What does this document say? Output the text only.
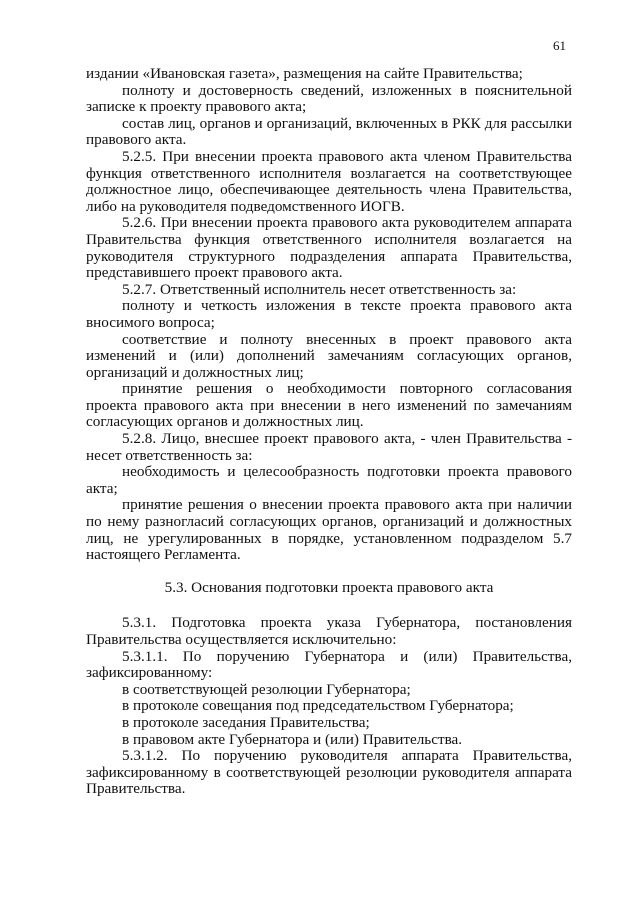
61

издании «Ивановская газета», размещения на сайте Правительства;

полноту и достоверность сведений, изложенных в пояснительной записке к проекту правового акта;

состав лиц, органов и организаций, включенных в РКК для рассылки правового акта.

5.2.5. При внесении проекта правового акта членом Правительства функция ответственного исполнителя возлагается на соответствующее должностное лицо, обеспечивающее деятельность члена Правительства, либо на руководителя подведомственного ИОГВ.

5.2.6. При внесении проекта правового акта руководителем аппарата Правительства функция ответственного исполнителя возлагается на руководителя структурного подразделения аппарата Правительства, представившего проект правового акта.

5.2.7. Ответственный исполнитель несет ответственность за:

полноту и четкость изложения в тексте проекта правового акта вносимого вопроса;

соответствие и полноту внесенных в проект правового акта изменений и (или) дополнений замечаниям согласующих органов, организаций и должностных лиц;

принятие решения о необходимости повторного согласования проекта правового акта при внесении в него изменений по замечаниям согласующих органов и должностных лиц.

5.2.8. Лицо, внесшее проект правового акта, - член Правительства - несет ответственность за:

необходимость и целесообразность подготовки проекта правового акта;

принятие решения о внесении проекта правового акта при наличии по нему разногласий согласующих органов, организаций и должностных лиц, не урегулированных в порядке, установленном подразделом 5.7 настоящего Регламента.

5.3. Основания подготовки проекта правового акта

5.3.1. Подготовка проекта указа Губернатора, постановления Правительства осуществляется исключительно:

5.3.1.1. По поручению Губернатора и (или) Правительства, зафиксированному:

в соответствующей резолюции Губернатора;

в протоколе совещания под председательством Губернатора;

в протоколе заседания Правительства;

в правовом акте Губернатора и (или) Правительства.

5.3.1.2. По поручению руководителя аппарата Правительства, зафиксированному в соответствующей резолюции руководителя аппарата Правительства.
